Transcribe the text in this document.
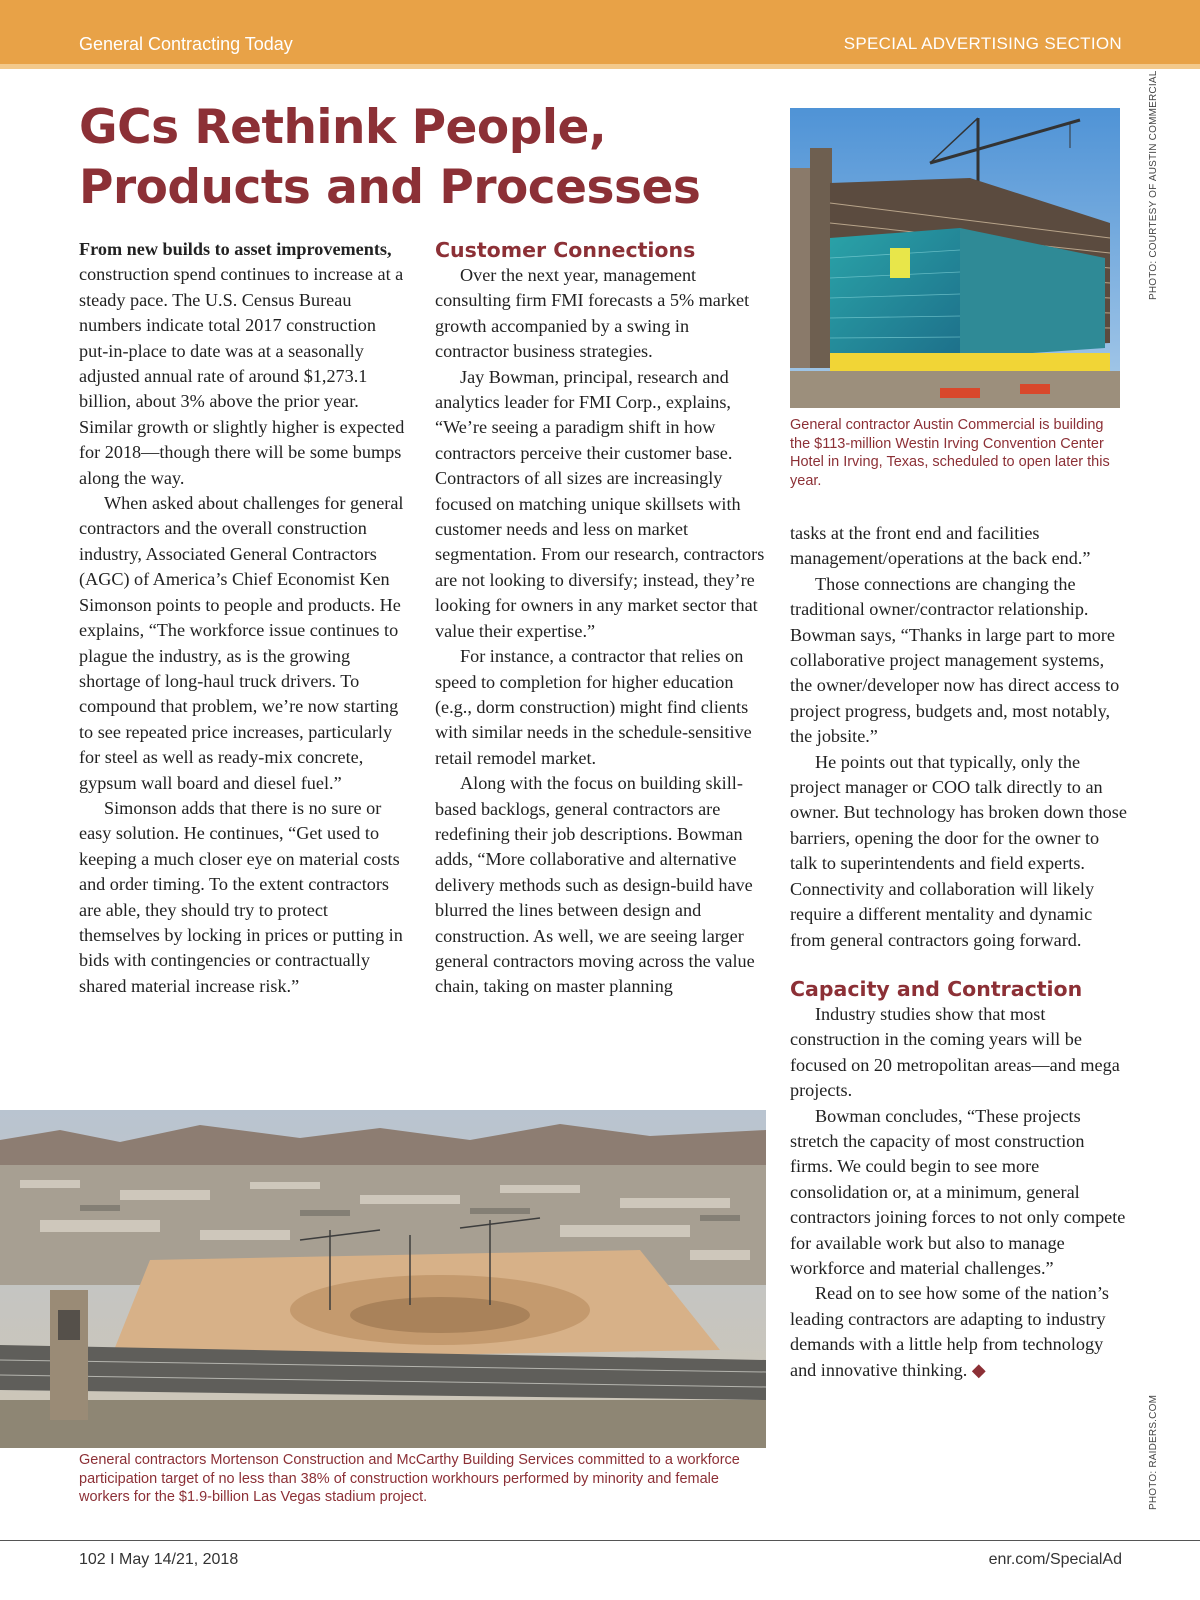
General Contracting Today	SPECIAL ADVERTISING SECTION
GCs Rethink People,
Products and Processes

From new builds to asset improvements, construction spend continues to increase at a steady pace. The U.S. Census Bureau numbers indicate total 2017 construction put-in-place to date was at a seasonally adjusted annual rate of around $1,273.1 billion, about 3% above the prior year. Similar growth or slightly higher is expected for 2018—though there will be some bumps along the way.

When asked about challenges for general contractors and the overall construction industry, Associated General Contractors (AGC) of America’s Chief Economist Ken Simonson points to people and products. He explains, “The workforce issue continues to plague the industry, as is the growing shortage of long-haul truck drivers. To compound that problem, we’re now starting to see repeated price increases, particularly for steel as well as ready-mix concrete, gypsum wall board and diesel fuel.”

Simonson adds that there is no sure or easy solution. He continues, “Get used to keeping a much closer eye on material costs and order timing. To the extent contractors are able, they should try to protect themselves by locking in prices or putting in bids with contingencies or contractually shared material increase risk.”

Customer Connections

Over the next year, management consulting firm FMI forecasts a 5% market growth accompanied by a swing in contractor business strategies.

Jay Bowman, principal, research and analytics leader for FMI Corp., explains, “We’re seeing a paradigm shift in how contractors perceive their customer base. Contractors of all sizes are increasingly focused on matching unique skillsets with customer needs and less on market segmentation. From our research, contractors are not looking to diversify; instead, they’re looking for owners in any market sector that value their expertise.”

For instance, a contractor that relies on speed to completion for higher education (e.g., dorm construction) might find clients with similar needs in the schedule-sensitive retail remodel market.

Along with the focus on building skill-based backlogs, general contractors are redefining their job descriptions. Bowman adds, “More collaborative and alternative delivery methods such as design-build have blurred the lines between design and construction. As well, we are seeing larger general contractors moving across the value chain, taking on master planning

PHOTO: COURTESY OF AUSTIN COMMERCIAL
General contractor Austin Commercial is building the $113-million Westin Irving Convention Center Hotel in Irving, Texas, scheduled to open later this year.

tasks at the front end and facilities management/operations at the back end.”

Those connections are changing the traditional owner/contractor relationship. Bowman says, “Thanks in large part to more collaborative project management systems, the owner/developer now has direct access to project progress, budgets and, most notably, the jobsite.”

He points out that typically, only the project manager or COO talk directly to an owner. But technology has broken down those barriers, opening the door for the owner to talk to superintendents and field experts. Connectivity and collaboration will likely require a different mentality and dynamic from general contractors going forward.

Capacity and Contraction

Industry studies show that most construction in the coming years will be focused on 20 metropolitan areas—and mega projects.

Bowman concludes, “These projects stretch the capacity of most construction firms. We could begin to see more consolidation or, at a minimum, general contractors joining forces to not only compete for available work but also to manage workforce and material challenges.”

Read on to see how some of the nation’s leading contractors are adapting to industry demands with a little help from technology and innovative thinking. ◆

PHOTO: RAIDERS.COM
General contractors Mortenson Construction and McCarthy Building Services committed to a workforce participation target of no less than 38% of construction workhours performed by minority and female workers for the $1.9-billion Las Vegas stadium project.
102 I May 14/21, 2018	enr.com/SpecialAd
